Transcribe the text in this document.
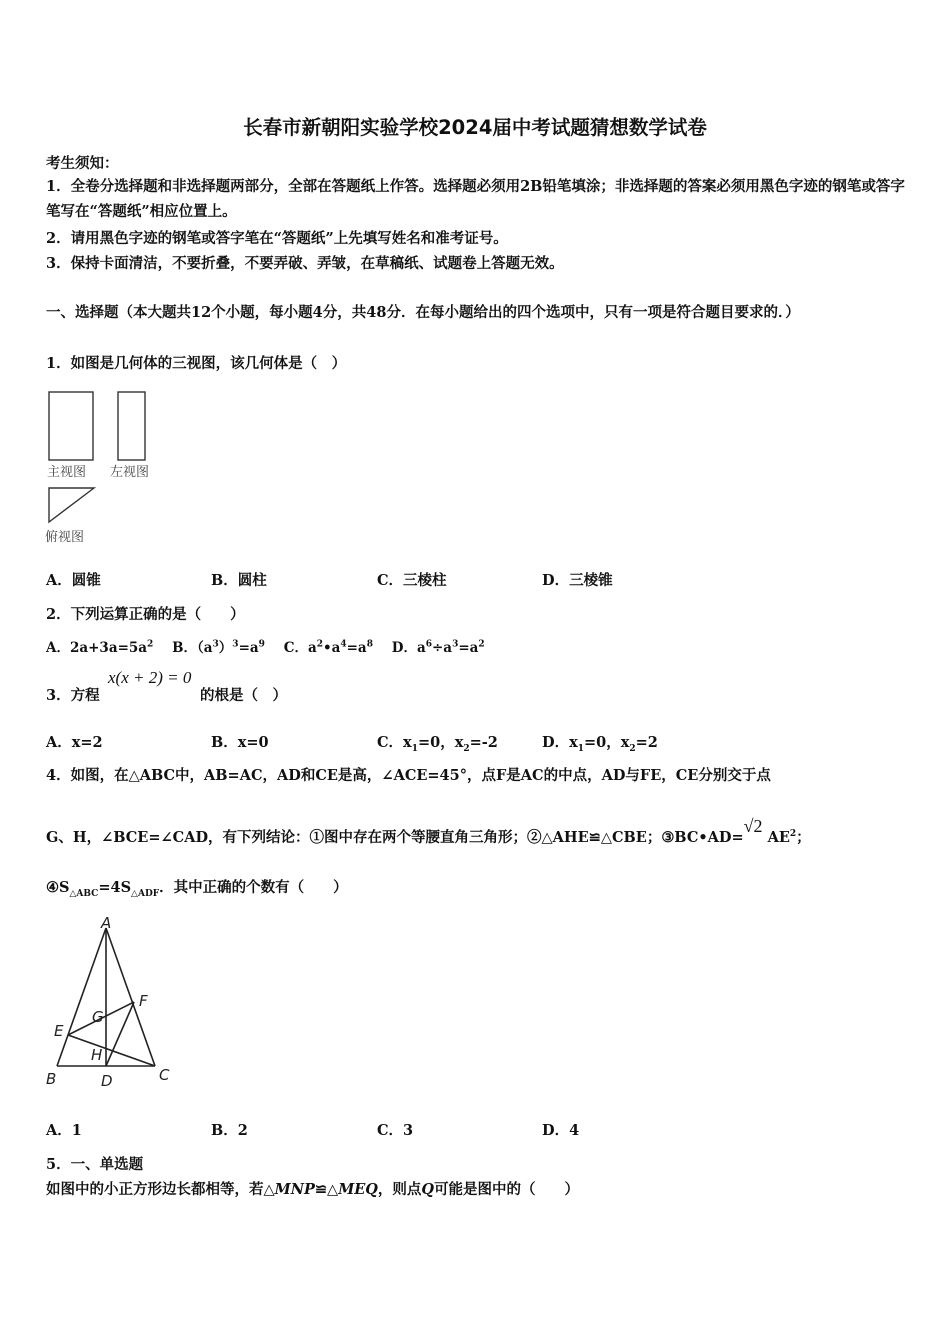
长春市新朝阳实验学校2024届中考试题猜想数学试卷
考生须知：
1．全卷分选择题和非选择题两部分，全部在答题纸上作答。选择题必须用2B铅笔填涂；非选择题的答案必须用黑色字迹的钢笔或答字笔写在“答题纸”相应位置上。
2．请用黑色字迹的钢笔或答字笔在“答题纸”上先填写姓名和准考证号。
3．保持卡面清洁，不要折叠，不要弄破、弄皱，在草稿纸、试题卷上答题无效。
一、选择题（本大题共12个小题，每小题4分，共48分．在每小题给出的四个选项中，只有一项是符合题目要求的．）
1．如图是几何体的三视图，该几何体是（　）
主视图 左视图
俯视图
A．圆锥	B．圆柱	C．三棱柱	D．三棱锥
2．下列运算正确的是（　　）
A．$2a+3a=5a^2$ B．$(a^3)^3=a^9$ C．$a^2•a^4=a^8$ D．$a^6\div a^3=a^2$
3．方程
x(x + 2) = 0
的根是（　）
A．x=2	B．x=0	C．$x_1=0$，$x_2=-2$	D．$x_1=0$，$x_2=2$
4．如图，在△ABC中，AB=AC，AD和CE是高，∠ACE=45°，点F是AC的中点，AD与FE，CE分别交于点
G、H，∠BCE=∠CAD，有下列结论：①图中存在两个等腰直角三角形；②△AHE≌△CBE；③BC•AD=√2 $AE^2$；
$④S_{\triangle ABC}=4S_{\triangle ADF}$．其中正确的个数有（　　）
A
B	C
D
E
F
G
H
A．1	B．2	C．3	D．4
5．一、单选题
如图中的小正方形边长都相等，若△MNP≌△MEQ，则点Q可能是图中的（　　）
